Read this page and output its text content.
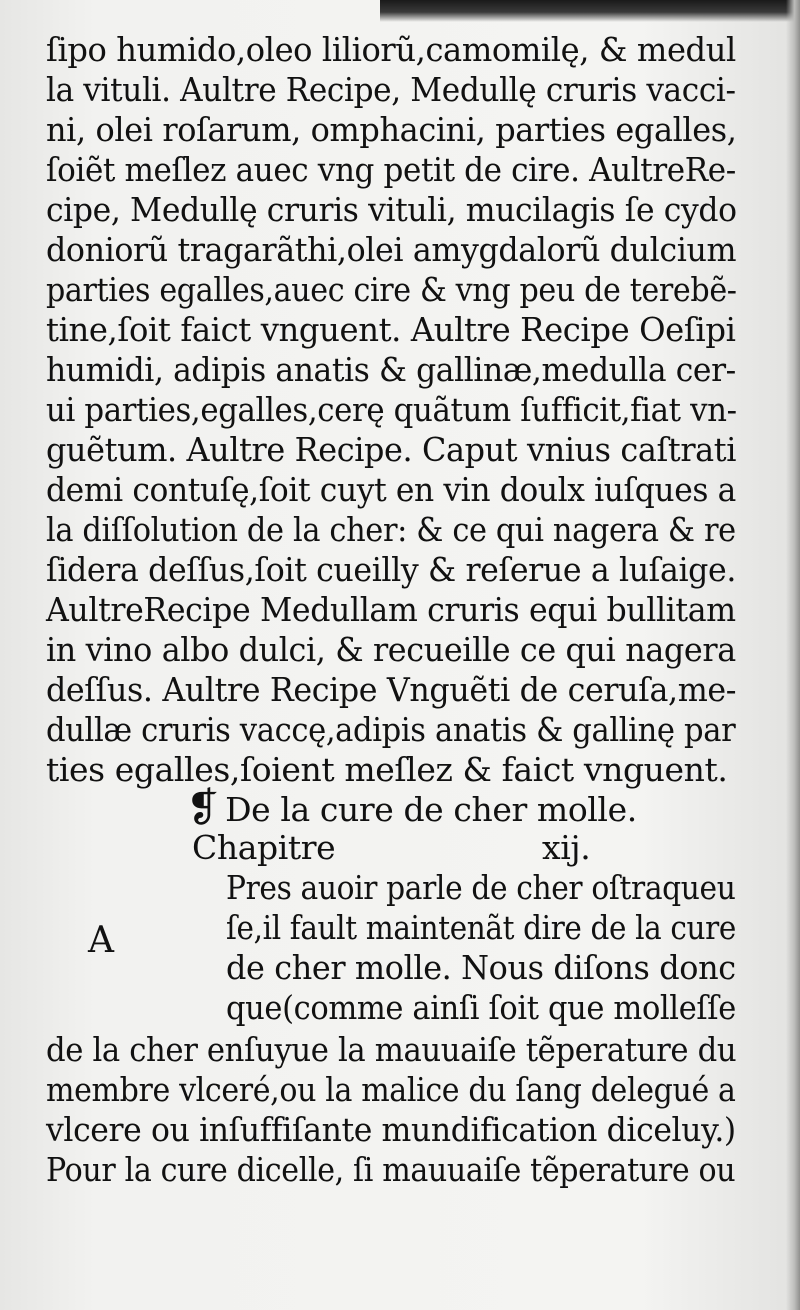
ſipo humido,oleo liliorũ,camomilę, & medul
la vituli. Aultre Recipe, Medullę cruris vacci-
ni, olei roſarum, omphacini, parties egalles,
ſoiẽt meſlez auec vng petit de cire. AultreRe-
cipe, Medullę cruris vituli, mucilagis ſe cydo
doniorũ tragarãthi,olei amygdalorũ dulcium
parties egalles,auec cire & vng peu de terebẽ-
tine,ſoit faict vnguent. Aultre Recipe Oeſipi
humidi, adipis anatis & gallinæ,medulla cer-
ui parties,egalles,cerę quãtum ſufficit,fiat vn-
guẽtum. Aultre Recipe. Caput vnius caſtrati
demi contuſę,ſoit cuyt en vin doulx iuſques a
la diſſolution de la cher: & ce qui nagera & re
ſidera deſſus,ſoit cueilly & reſerue a luſaige.
AultreRecipe Medullam cruris equi bullitam
in vino albo dulci, & recueille ce qui nagera
deſſus. Aultre Recipe Vnguẽti de ceruſa,me-
dullæ cruris vaccę,adipis anatis & gallinę par
ties egalles,ſoient meſlez & faict vnguent.
❡ De la cure de cher molle.
Chapitre	xij.
Pres auoir parle de cher oſtraqueu
ſe,il fault maintenãt dire de la cure
de cher molle. Nous diſons donc
que(comme ainſi ſoit que molleſſe
de la cher enſuyue la mauuaiſe tẽperature du
membre vlceré,ou la malice du ſang delegué a
vlcere ou inſuffiſante mundification diceluy.)
Pour la cure dicelle, ſi mauuaiſe tẽperature ou
A
